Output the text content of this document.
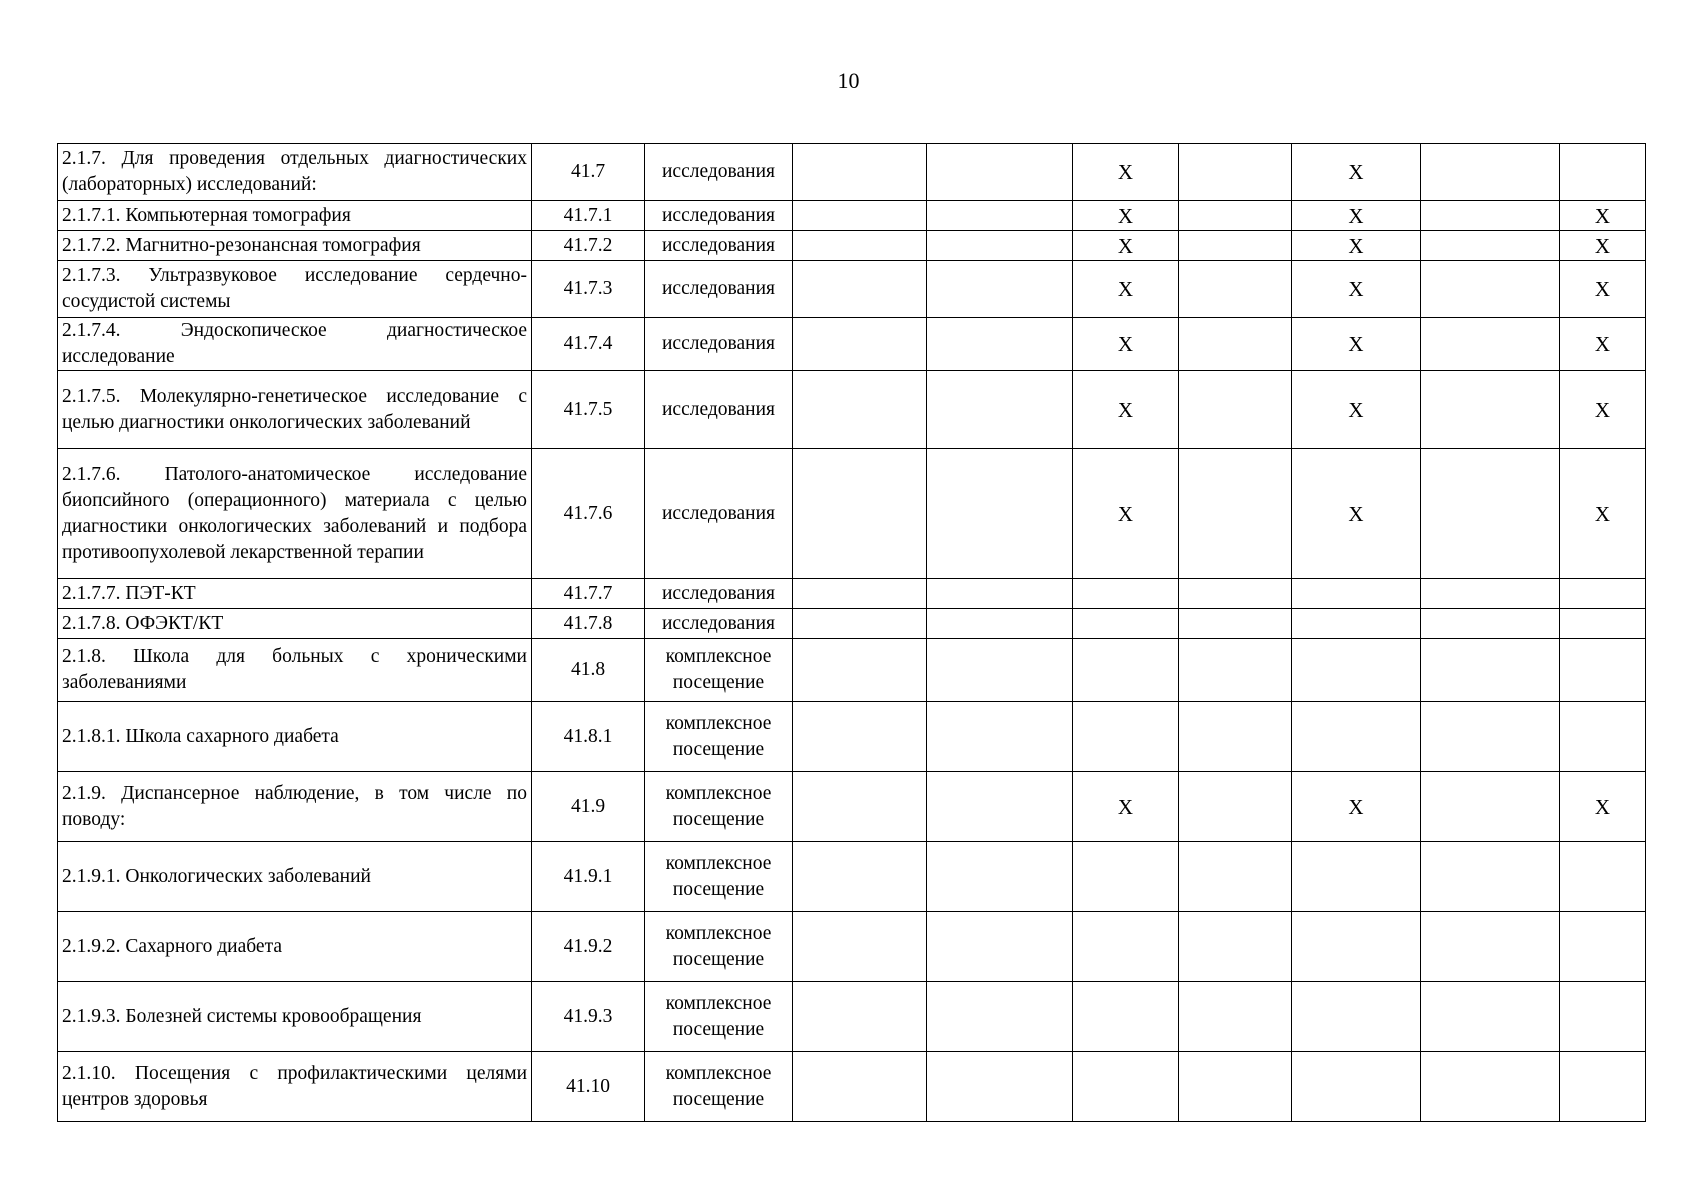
10
2.1.7. Для проведения отдельных диагностических (лабораторных) исследований:	41.7	исследования			X		X		
2.1.7.1. Компьютерная томография	41.7.1	исследования			X		X		X
2.1.7.2. Магнитно-резонансная томография	41.7.2	исследования			X		X		X
2.1.7.3. Ультразвуковое исследование сердечно-сосудистой системы	41.7.3	исследования			X		X		X
2.1.7.4. Эндоскопическое диагностическое исследование	41.7.4	исследования			X		X		X
2.1.7.5. Молекулярно-генетическое исследование с целью диагностики онкологических заболеваний	41.7.5	исследования			X		X		X
2.1.7.6. Патолого-анатомическое исследование биопсийного (операционного) материала с целью диагностики онкологических заболеваний и подбора противоопухолевой лекарственной терапии	41.7.6	исследования			X		X		X
2.1.7.7. ПЭТ-КТ	41.7.7	исследования							
2.1.7.8. ОФЭКТ/КТ	41.7.8	исследования							
2.1.8. Школа для больных с хроническими заболеваниями	41.8	комплексное посещение							
2.1.8.1. Школа сахарного диабета	41.8.1	комплексное посещение							
2.1.9. Диспансерное наблюдение, в том числе по поводу:	41.9	комплексное посещение			X		X		X
2.1.9.1. Онкологических заболеваний	41.9.1	комплексное посещение							
2.1.9.2. Сахарного диабета	41.9.2	комплексное посещение							
2.1.9.3. Болезней системы кровообращения	41.9.3	комплексное посещение							
2.1.10. Посещения с профилактическими целями центров здоровья	41.10	комплексное посещение							
